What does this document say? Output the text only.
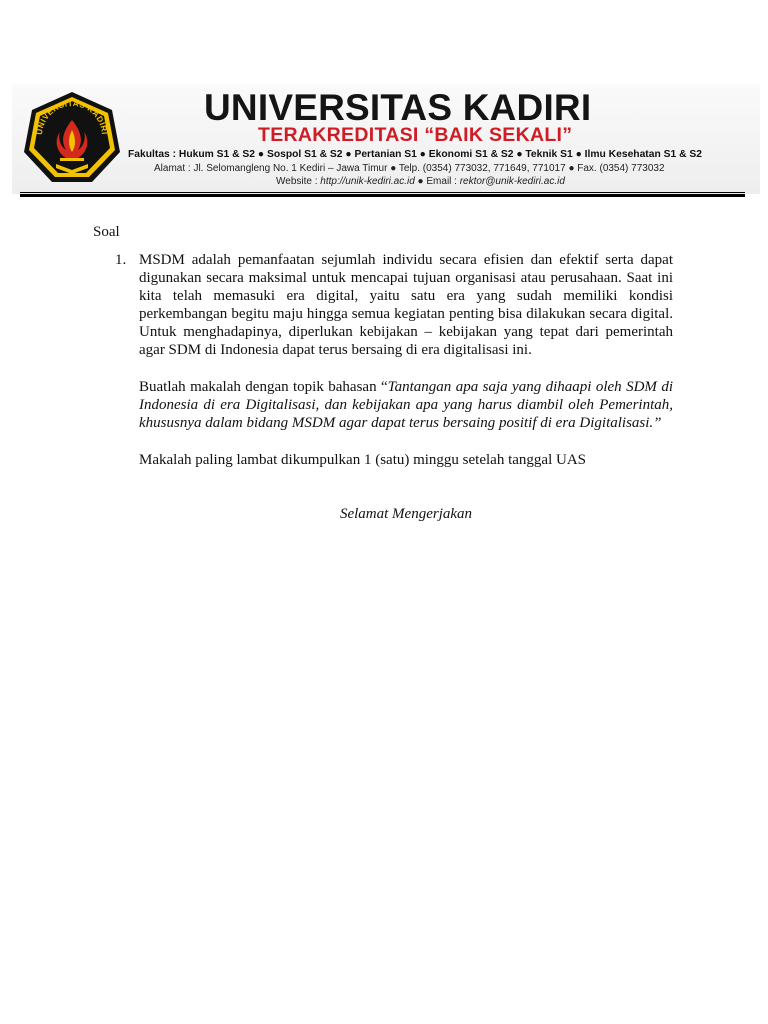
UNIVERSITAS KADIRI
UNIVERSITAS KADIRI
TERAKREDITASI “BAIK SEKALI”
Fakultas : Hukum S1 & S2 ● Sospol S1 & S2 ● Pertanian S1 ● Ekonomi S1 & S2 ● Teknik S1 ● Ilmu Kesehatan S1 & S2
Alamat : Jl. Selomangleng No. 1 Kediri – Jawa Timur ● Telp. (0354) 773032, 771649, 771017 ● Fax. (0354) 773032
Website : http://unik-kediri.ac.id ● Email : rektor@unik-kediri.ac.id
Soal
1. MSDM adalah pemanfaatan sejumlah individu secara efisien dan efektif serta dapat digunakan secara maksimal untuk mencapai tujuan organisasi atau perusahaan. Saat ini kita telah memasuki era digital, yaitu satu era yang sudah memiliki kondisi perkembangan begitu maju hingga semua kegiatan penting bisa dilakukan secara digital. Untuk menghadapinya, diperlukan kebijakan – kebijakan yang tepat dari pemerintah agar SDM di Indonesia dapat terus bersaing di era digitalisasi ini.

Buatlah makalah dengan topik bahasan “Tantangan apa saja yang dihaapi oleh SDM di Indonesia di era Digitalisasi, dan kebijakan apa yang harus diambil oleh Pemerintah, khususnya dalam bidang MSDM agar dapat terus bersaing positif di era Digitalisasi.”

Makalah paling lambat dikumpulkan 1 (satu) minggu setelah tanggal UAS

Selamat Mengerjakan
